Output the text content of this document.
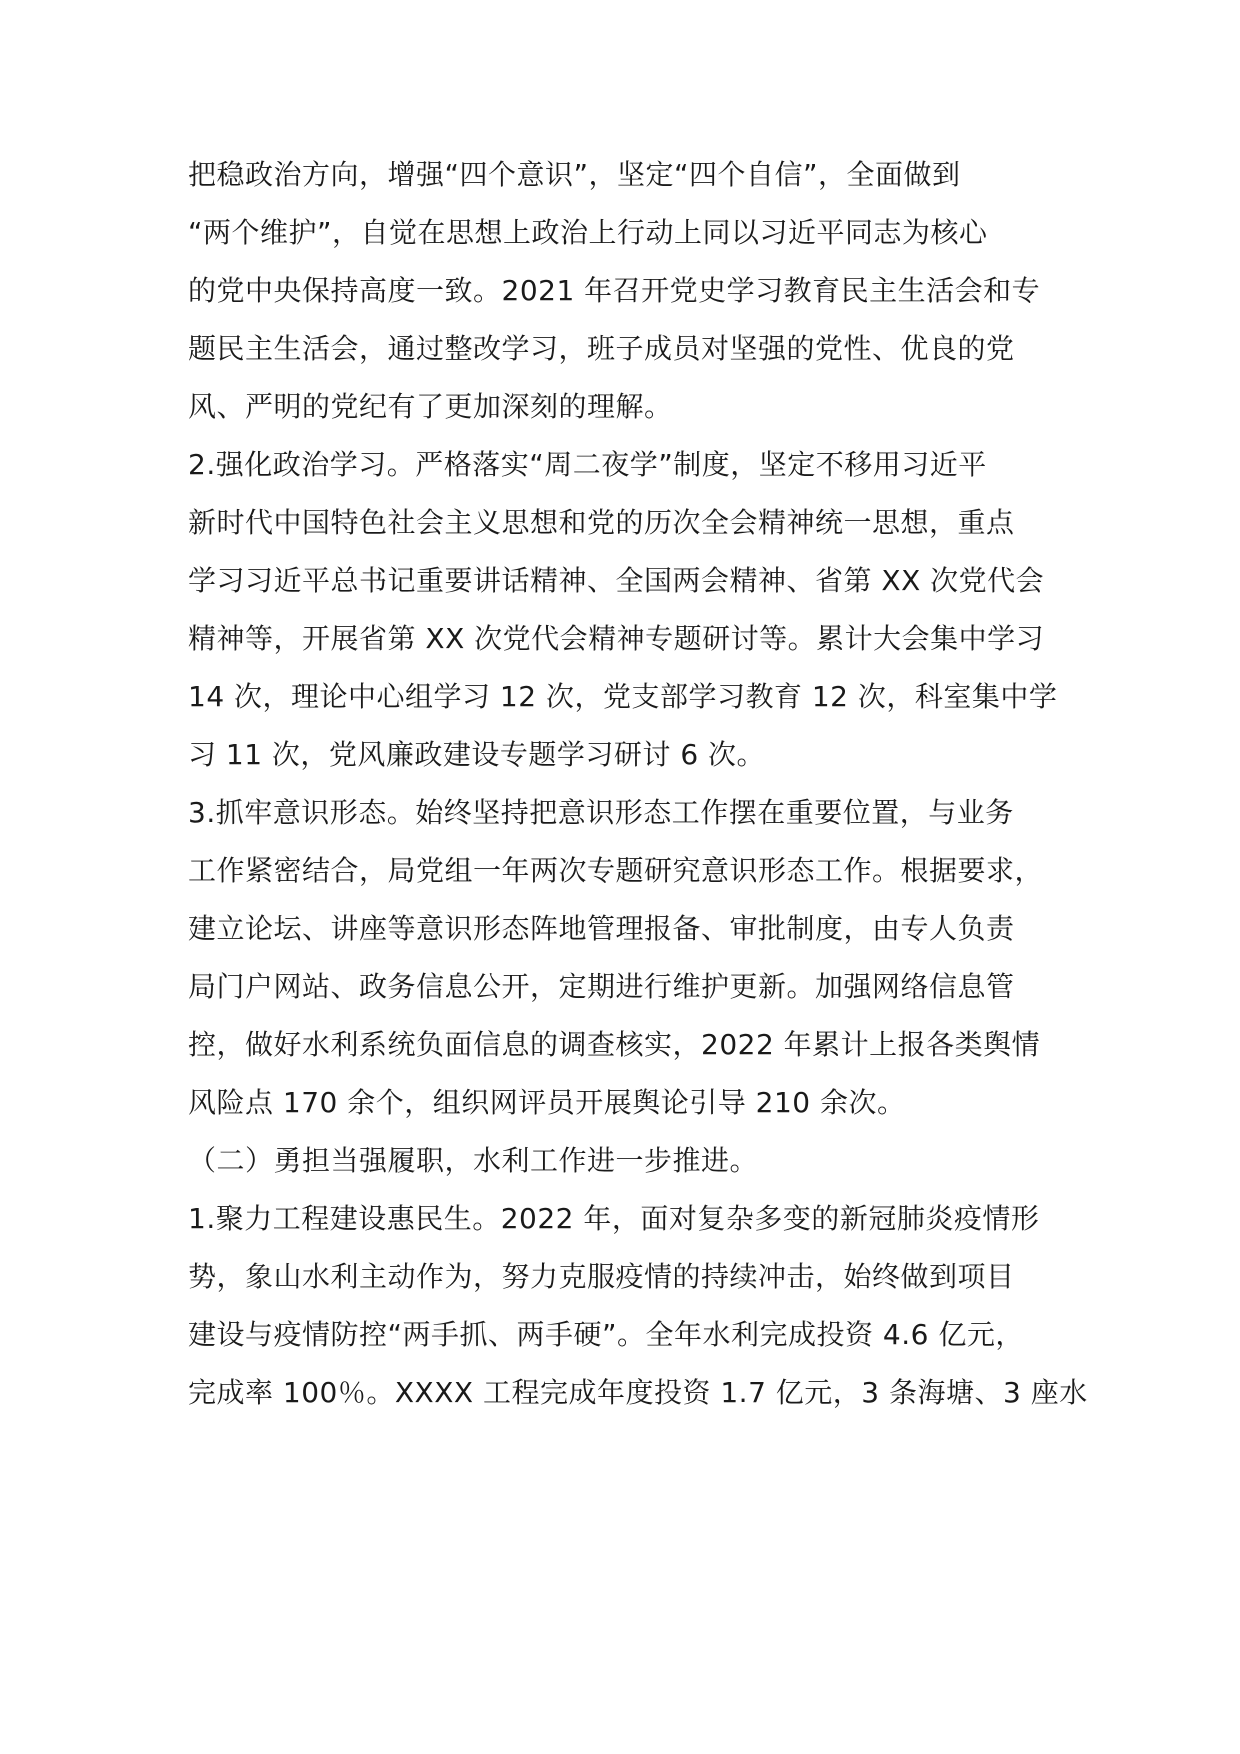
把稳政治方向，增强“四个意识”，坚定“四个自信”，全面做到
“两个维护”，自觉在思想上政治上行动上同以习近平同志为核心
的党中央保持高度一致。2021 年召开党史学习教育民主生活会和专
题民主生活会，通过整改学习，班子成员对坚强的党性、优良的党
风、严明的党纪有了更加深刻的理解。
2.强化政治学习。严格落实“周二夜学”制度，坚定不移用习近平
新时代中国特色社会主义思想和党的历次全会精神统一思想，重点
学习习近平总书记重要讲话精神、全国两会精神、省第 XX 次党代会
精神等，开展省第 XX 次党代会精神专题研讨等。累计大会集中学习
14 次，理论中心组学习 12 次，党支部学习教育 12 次，科室集中学
习 11 次，党风廉政建设专题学习研讨 6 次。
3.抓牢意识形态。始终坚持把意识形态工作摆在重要位置，与业务
工作紧密结合，局党组一年两次专题研究意识形态工作。根据要求，
建立论坛、讲座等意识形态阵地管理报备、审批制度，由专人负责
局门户网站、政务信息公开，定期进行维护更新。加强网络信息管
控，做好水利系统负面信息的调查核实，2022 年累计上报各类舆情
风险点 170 余个，组织网评员开展舆论引导 210 余次。
（二）勇担当强履职，水利工作进一步推进。
1.聚力工程建设惠民生。2022 年，面对复杂多变的新冠肺炎疫情形
势，象山水利主动作为，努力克服疫情的持续冲击，始终做到项目
建设与疫情防控“两手抓、两手硬”。全年水利完成投资 4.6 亿元，
完成率 100％。XXXX 工程完成年度投资 1.7 亿元，3 条海塘、3 座水
